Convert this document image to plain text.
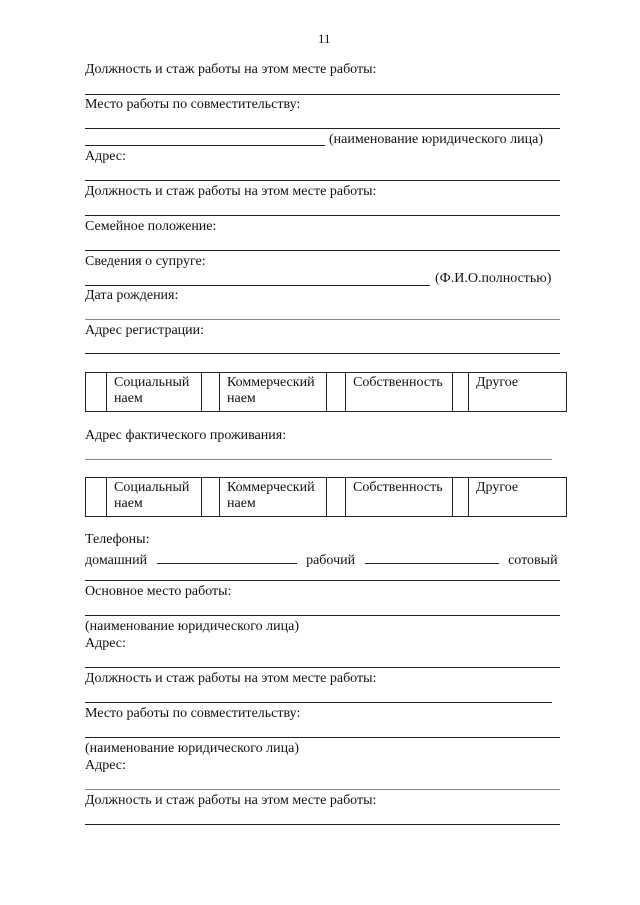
11
Должность и стаж работы на этом месте работы:
Место работы по совместительству:
(наименование юридического лица)
Адрес:
Должность и стаж работы на этом месте работы:
Семейное положение:
Сведения о супруге:
(Ф.И.О.полностью)
Дата рождения:
Адрес регистрации:
	Социальный наем		Коммерческий наем		Собственность		Другое
Адрес фактического проживания:
	Социальный наем		Коммерческий наем		Собственность		Другое
Телефоны:
домашний	рабочий	сотовый
Основное место работы:
(наименование юридического лица)
Адрес:
Должность и стаж работы на этом месте работы:
Место работы по совместительству:
(наименование юридического лица)
Адрес:
Должность и стаж работы на этом месте работы:
